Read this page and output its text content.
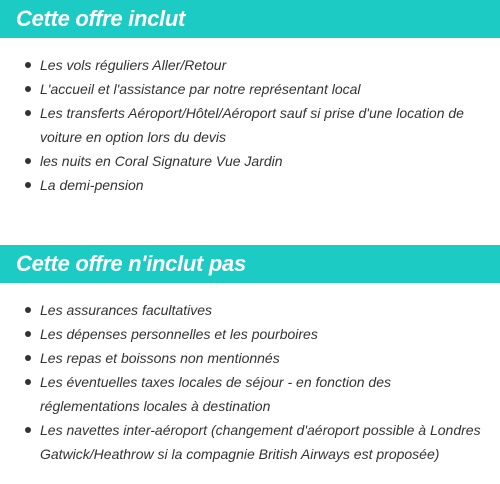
Cette offre inclut
Les vols réguliers Aller/Retour
L'accueil et l'assistance par notre représentant local
Les transferts Aéroport/Hôtel/Aéroport sauf si prise d'une location de voiture en option lors du devis
les nuits en Coral Signature Vue Jardin
La demi-pension
Cette offre n'inclut pas
Les assurances facultatives
Les dépenses personnelles et les pourboires
Les repas et boissons non mentionnés
Les éventuelles taxes locales de séjour - en fonction des réglementations locales à destination
Les navettes inter-aéroport (changement d'aéroport possible à Londres Gatwick/Heathrow si la compagnie British Airways est proposée)
